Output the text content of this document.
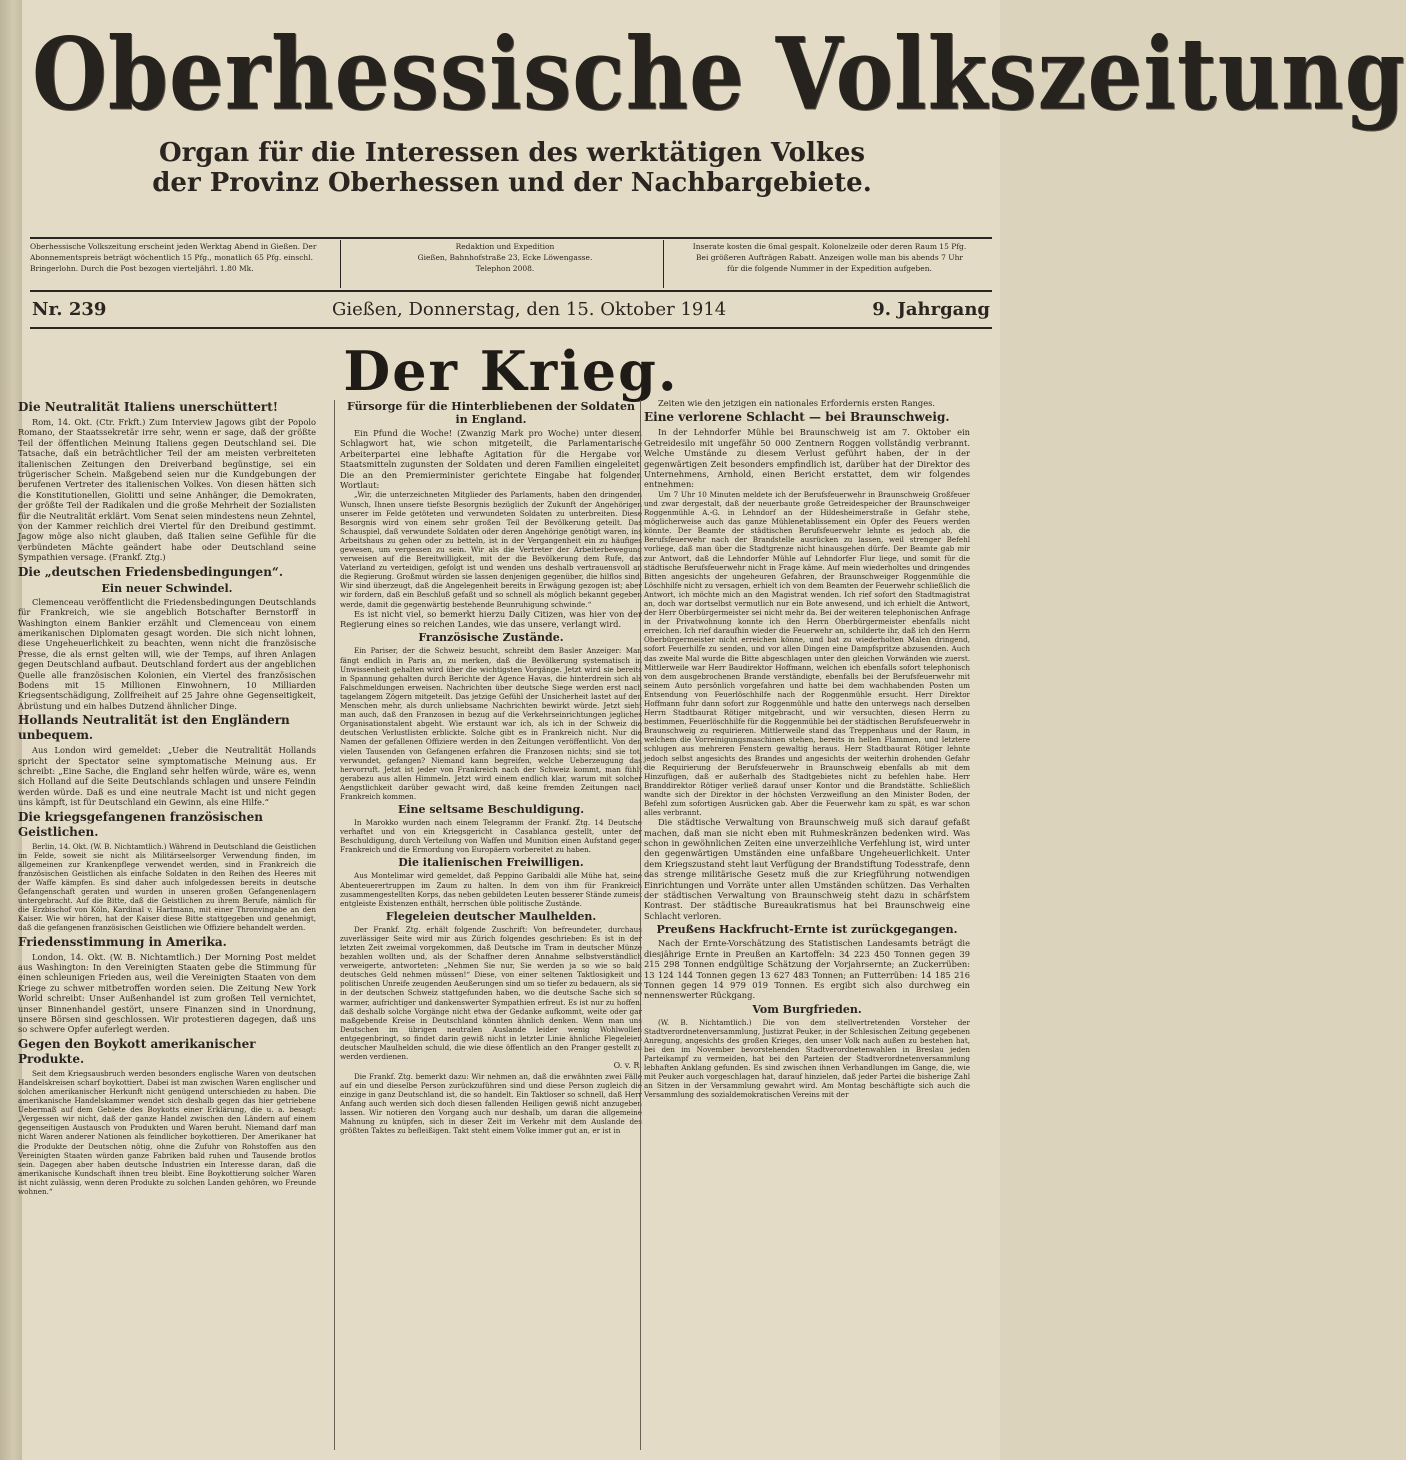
Oberhessische Volkszeitung
Organ für die Interessen des werktätigen Volkes
der Provinz Oberhessen und der Nachbargebiete.
Oberhessische Volkszeitung erscheint jeden Werktag Abend in Gießen. Der Abonnementspreis beträgt wöchentlich 15 Pfg., monatlich 65 Pfg. einschl. Bringerlohn. Durch die Post bezogen vierteljährl. 1.80 Mk.
Redaktion und Expedition
Gießen, Bahnhofstraße 23, Ecke Löwengasse.
Telephon 2008.
Inserate kosten die 6mal gespalt. Kolonelzeile oder deren Raum 15 Pfg.
Bei größeren Aufträgen Rabatt. Anzeigen wolle man bis abends 7 Uhr
für die folgende Nummer in der Expedition aufgeben.
Nr. 239	Gießen, Donnerstag, den 15. Oktober 1914	9. Jahrgang
Der Krieg.
Die Neutralität Italiens unerschüttert!

Rom, 14. Okt. (Ctr. Frkft.) Zum Interview Jagows gibt der Popolo Romano, der Staatssekretär irre sehr, wenn er sage, daß der größte Teil der öffentlichen Meinung Italiens gegen Deutschland sei. Die Tatsache, daß ein beträchtlicher Teil der am meisten verbreiteten italienischen Zeitungen den Dreiverband begünstige, sei ein trügerischer Schein. Maßgebend seien nur die Kundgebungen der berufenen Vertreter des italienischen Volkes. Von diesen hätten sich die Konstitutionellen, Giolitti und seine Anhänger, die Demokraten, der größte Teil der Radikalen und die große Mehrheit der Sozialisten für die Neutralität erklärt. Vom Senat seien mindestens neun Zehntel, von der Kammer reichlich drei Viertel für den Dreibund gestimmt. Jagow möge also nicht glauben, daß Italien seine Gefühle für die verbündeten Mächte geändert habe oder Deutschland seine Sympathien versage. (Frankf. Ztg.)

Die „deutschen Friedensbedingungen“.
Ein neuer Schwindel.

Clemenceau veröffentlicht die Friedensbedingungen Deutschlands für Frankreich, wie sie angeblich Botschafter Bernstorff in Washington einem Bankier erzählt und Clemenceau von einem amerikanischen Diplomaten gesagt worden. Die sich nicht lohnen, diese Ungeheuerlichkeit zu beachten, wenn nicht die französische Presse, die als ernst gelten will, wie der Temps, auf ihren Anlagen gegen Deutschland aufbaut. Deutschland fordert aus der angeblichen Quelle alle französischen Kolonien, ein Viertel des französischen Bodens mit 15 Millionen Einwohnern, 10 Milliarden Kriegsentschädigung, Zollfreiheit auf 25 Jahre ohne Gegenseitigkeit, Abrüstung und ein halbes Dutzend ähnlicher Dinge.

Hollands Neutralität ist den Engländern unbequem.

Aus London wird gemeldet: „Ueber die Neutralität Hollands spricht der Spectator seine symptomatische Meinung aus. Er schreibt: „Eine Sache, die England sehr helfen würde, wäre es, wenn sich Holland auf die Seite Deutschlands schlagen und unsere Feindin werden würde. Daß es und eine neutrale Macht ist und nicht gegen uns kämpft, ist für Deutschland ein Gewinn, als eine Hilfe.“

Die kriegsgefangenen französischen Geistlichen.

Berlin, 14. Okt. (W. B. Nichtamtlich.) Während in Deutschland die Geistlichen im Felde, soweit sie nicht als Militärseelsorger Verwendung finden, im allgemeinen zur Krankenpflege verwendet werden, sind in Frankreich die französischen Geistlichen als einfache Soldaten in den Reihen des Heeres mit der Waffe kämpfen. Es sind daher auch infolgedessen bereits in deutsche Gefangenschaft geraten und wurden in unseren großen Gefangenenlagern untergebracht. Auf die Bitte, daß die Geistlichen zu ihrem Berufe, nämlich für die Erzbischof von Köln, Kardinal v. Hartmann, mit einer Thronvingabe an den Kaiser. Wie wir hören, hat der Kaiser diese Bitte stattgegeben und genehmigt, daß die gefangenen französischen Geistlichen wie Offiziere behandelt werden.

Friedensstimmung in Amerika.

London, 14. Okt. (W. B. Nichtamtlich.) Der Morning Post meldet aus Washington: In den Vereinigten Staaten gebe die Stimmung für einen schleunigen Frieden aus, weil die Vereinigten Staaten von dem Kriege zu schwer mitbetroffen worden seien. Die Zeitung New York World schreibt: Unser Außenhandel ist zum großen Teil vernichtet, unser Binnenhandel gestört, unsere Finanzen sind in Unordnung, unsere Börsen sind geschlossen. Wir protestieren dagegen, daß uns so schwere Opfer auferlegt werden.

Gegen den Boykott amerikanischer Produkte.

Seit dem Kriegsausbruch werden besonders englische Waren von deutschen Handelskreisen scharf boykottiert. Dabei ist man zwischen Waren englischer und solchen amerikanischer Herkunft nicht genügend unterschieden zu haben. Die amerikanische Handelskammer wendet sich deshalb gegen das hier getriebene Uebermaß auf dem Gebiete des Boykotts einer Erklärung, die u. a. besagt: „Vergessen wir nicht, daß der ganze Handel zwischen den Ländern auf einem gegenseitigen Austausch von Produkten und Waren beruht. Niemand darf man nicht Waren anderer Nationen als feindlicher boykottieren. Der Amerikaner hat die Produkte der Deutschen nötig, ohne die Zufuhr von Rohstoffen aus den Vereinigten Staaten würden ganze Fabriken bald ruhen und Tausende brotlos sein. Dagegen aber haben deutsche Industrien ein Interesse daran, daß die amerikanische Kundschaft ihnen treu bleibt. Eine Boykottierung solcher Waren ist nicht zulässig, wenn deren Produkte zu solchen Landen gehören, wo Freunde wohnen.“

Fürsorge für die Hinterbliebenen der Soldaten in England.

Ein Pfund die Woche! (Zwanzig Mark pro Woche) unter diesem Schlagwort hat, wie schon mitgeteilt, die Parlamentarische Arbeiterpartei eine lebhafte Agitation für die Hergabe von Staatsmitteln zugunsten der Soldaten und deren Familien eingeleitet. Die an den Premierminister gerichtete Eingabe hat folgenden Wortlaut:

„Wir, die unterzeichneten Mitglieder des Parlaments, haben den dringenden Wunsch, Ihnen unsere tiefste Besorgnis bezüglich der Zukunft der Angehörigen unserer im Felde getöteten und verwundeten Soldaten zu unterbreiten. Diese Besorgnis wird von einem sehr großen Teil der Bevölkerung geteilt. Das Schauspiel, daß verwundete Soldaten oder deren Angehörige genötigt waren, ins Arbeitshaus zu gehen oder zu betteln, ist in der Vergangenheit ein zu häufiges gewesen, um vergessen zu sein. Wir als die Vertreter der Arbeiterbewegung verweisen auf die Bereitwilligkeit, mit der die Bevölkerung dem Rufe, das Vaterland zu verteidigen, gefolgt ist und wenden uns deshalb vertrauensvoll an die Regierung. Großmut würden sie lassen denjenigen gegenüber, die hilflos sind. Wir sind überzeugt, daß die Angelegenheit bereits in Erwägung gezogen ist; aber wir fordern, daß ein Beschluß gefaßt und so schnell als möglich bekannt gegeben werde, damit die gegenwärtig bestehende Beunruhigung schwinde.“

Es ist nicht viel, so bemerkt hierzu Daily Citizen, was hier von der Regierung eines so reichen Landes, wie das unsere, verlangt wird.

Französische Zustände.

Ein Pariser, der die Schweiz besucht, schreibt dem Basler Anzeiger: Man fängt endlich in Paris an, zu merken, daß die Bevölkerung systematisch in Unwissenheit gehalten wird über die wichtigsten Vorgänge. Jetzt wird sie bereits in Spannung gehalten durch Berichte der Agence Havas, die hinterdrein sich als Falschmeldungen erweisen. Nachrichten über deutsche Siege werden erst nach tagelangem Zögern mitgeteilt. Das jetzige Gefühl der Unsicherheit lastet auf den Menschen mehr, als durch unliebsame Nachrichten bewirkt würde. Jetzt sieht man auch, daß den Franzosen in bezug auf die Verkehrseinrichtungen jegliches Organisationstalent abgeht. Wie erstaunt war ich, als ich in der Schweiz die deutschen Verlustlisten erblickte. Solche gibt es in Frankreich nicht. Nur die Namen der gefallenen Offiziere werden in den Zeitungen veröffentlicht. Von den vielen Tausenden von Gefangenen erfahren die Franzosen nichts; sind sie tot, verwundet, gefangen? Niemand kann begreifen, welche Ueberzeugung das hervorruft. Jetzt ist jeder von Frankreich nach der Schweiz kommt, man fühlt gerabezu aus allen Himmeln. Jetzt wird einem endlich klar, warum mit solcher Aengstlichkeit darüber gewacht wird, daß keine fremden Zeitungen nach Frankreich kommen.

Eine seltsame Beschuldigung.

In Marokko wurden nach einem Telegramm der Frankf. Ztg. 14 Deutsche verhaftet und von ein Kriegsgericht in Casablanca gestellt, unter der Beschuldigung, durch Verteilung von Waffen und Munition einen Aufstand gegen Frankreich und die Ermordung von Europäern vorbereitet zu haben.

Die italienischen Freiwilligen.

Aus Montelimar wird gemeldet, daß Peppino Garibaldi alle Mühe hat, seine Abenteuerertruppen im Zaum zu halten. In dem von ihm für Frankreich zusammengestellten Korps, das neben gebildeten Leuten besserer Stände zumeist entgleiste Existenzen enthält, herrschen üble politische Zustände.

Flegeleien deutscher Maulhelden.

Der Frankf. Ztg. erhält folgende Zuschrift: Von befreundeter, durchaus zuverlässiger Seite wird mir aus Zürich folgendes geschrieben: Es ist in der letzten Zeit zweimal vorgekommen, daß Deutsche im Tram in deutscher Münze bezahlen wollten und, als der Schaffner deren Annahme selbstverständlich verweigerte, antworteten: „Nehmen Sie nur, Sie werden ja so wie so bald deutsches Geld nehmen müssen!“ Diese, von einer seltenen Taktlosigkeit und politischen Unreife zeugenden Aeußerungen sind um so tiefer zu bedauern, als sie in der deutschen Schweiz stattgefunden haben, wo die deutsche Sache sich so warmer, aufrichtiger und dankenswerter Sympathien erfreut. Es ist nur zu hoffen, daß deshalb solche Vorgänge nicht etwa der Gedanke aufkommt, weite oder gar maßgebende Kreise in Deutschland könnten ähnlich denken. Wenn man uns Deutschen im übrigen neutralen Auslande leider wenig Wohlwollen entgegenbringt, so findet darin gewiß nicht in letzter Linie ähnliche Flegeleien deutscher Maulhelden schuld, die wie diese öffentlich an den Pranger gestellt zu werden verdienen.

O. v. R.

Die Frankf. Ztg. bemerkt dazu: Wir nehmen an, daß die erwähnten zwei Fälle auf ein und dieselbe Person zurückzuführen sind und diese Person zugleich die einzige in ganz Deutschland ist, die so handelt. Ein Taktloser so schnell, daß Herr Anfang auch werden sich doch diesen fallenden Heiligen gewiß nicht anzugeben lassen. Wir notieren den Vorgang auch nur deshalb, um daran die allgemeine Mahnung zu knüpfen, sich in dieser Zeit im Verkehr mit dem Auslande des größten Taktes zu befleißigen. Takt steht einem Volke immer gut an, er ist in

Zeiten wie den jetzigen ein nationales Erfordernis ersten Ranges.

Eine verlorene Schlacht — bei Braunschweig.

In der Lehndorfer Mühle bei Braunschweig ist am 7. Oktober ein Getreidesilo mit ungefähr 50 000 Zentnern Roggen vollständig verbrannt. Welche Umstände zu diesem Verlust geführt haben, der in der gegenwärtigen Zeit besonders empfindlich ist, darüber hat der Direktor des Unternehmens, Arnhold, einen Bericht erstattet, dem wir folgendes entnehmen:

Um 7 Uhr 10 Minuten meldete ich der Berufsfeuerwehr in Braunschweig Großfeuer und zwar dergestalt, daß der neuerbaute große Getreidespeicher der Braunschweiger Roggenmühle A.-G. in Lehndorf an der Hildesheimerstraße in Gefahr stehe, möglicherweise auch das ganze Mühlenetablissement ein Opfer des Feuers werden könnte. Der Beamte der städtischen Berufsfeuerwehr lehnte es jedoch ab, die Berufsfeuerwehr nach der Brandstelle ausrücken zu lassen, weil strenger Befehl vorliege, daß man über die Stadtgrenze nicht hinausgehen dürfe. Der Beamte gab mir zur Antwort, daß die Lehndorfer Mühle auf Lehndorfer Flur liege, und somit für die städtische Berufsfeuerwehr nicht in Frage käme. Auf mein wiederholtes und dringendes Bitten angesichts der ungeheuren Gefahren, der Braunschweiger Roggenmühle die Löschhilfe nicht zu versagen, erhielt ich von dem Beamten der Feuerwehr schließlich die Antwort, ich möchte mich an den Magistrat wenden. Ich rief sofort den Stadtmagistrat an, doch war dortselbst vermutlich nur ein Bote anwesend, und ich erhielt die Antwort, der Herr Oberbürgermeister sei nicht mehr da. Bei der weiteren telephonischen Anfrage in der Privatwohnung konnte ich den Herrn Oberbürgermeister ebenfalls nicht erreichen. Ich rief daraufhin wieder die Feuerwehr an, schilderte ihr, daß ich den Herrn Oberbürgermeister nicht erreichen könne, und bat zu wiederholten Malen dringend, sofort Feuerhilfe zu senden, und vor allen Dingen eine Dampfspritze abzusenden. Auch das zweite Mal wurde die Bitte abgeschlagen unter den gleichen Vorwänden wie zuerst. Mittlerweile war Herr Baudirektor Hoffmann, welchen ich ebenfalls sofort telephonisch von dem ausgebrochenen Brande verständigte, ebenfalls bei der Berufsfeuerwehr mit seinem Auto persönlich vorgefahren und hatte bei dem wachhabenden Posten um Entsendung von Feuerlöschhilfe nach der Roggenmühle ersucht. Herr Direktor Hoffmann fuhr dann sofort zur Roggenmühle und hatte den unterwegs nach derselben Herrn Stadtbaurat Rötiger mitgebracht, und wir versuchten, diesen Herrn zu bestimmen, Feuerlöschhilfe für die Roggenmühle bei der städtischen Berufsfeuerwehr in Braunschweig zu requirieren. Mittlerweile stand das Treppenhaus und der Raum, in welchem die Vorreinigungsmaschinen stehen, bereits in hellen Flammen, und letztere schlugen aus mehreren Fenstern gewaltig heraus. Herr Stadtbaurat Rötiger lehnte jedoch selbst angesichts des Brandes und angesichts der weiterhin drohenden Gefahr die Requirierung der Berufsfeuerwehr in Braunschweig ebenfalls ab mit dem Hinzufügen, daß er außerhalb des Stadtgebietes nicht zu befehlen habe. Herr Branddirektor Rötiger verließ darauf unser Kontor und die Brandstätte. Schließlich wandte sich der Direktor in der höchsten Verzweiflung an den Minister Boden, der Befehl zum sofortigen Ausrücken gab. Aber die Feuerwehr kam zu spät, es war schon alles verbrannt.

Die städtische Verwaltung von Braunschweig muß sich darauf gefaßt machen, daß man sie nicht eben mit Ruhmeskränzen bedenken wird. Was schon in gewöhnlichen Zeiten eine unverzeihliche Verfehlung ist, wird unter den gegenwärtigen Umständen eine unfaßbare Ungeheuerlichkeit. Unter dem Kriegszustand steht laut Verfügung der Brandstiftung Todesstrafe, denn das strenge militärische Gesetz muß die zur Kriegführung notwendigen Einrichtungen und Vorräte unter allen Umständen schützen. Das Verhalten der städtischen Verwaltung von Braunschweig steht dazu in schärfstem Kontrast. Der städtische Bureaukratismus hat bei Braunschweig eine Schlacht verloren.

Preußens Hackfrucht-Ernte ist zurückgegangen.

Nach der Ernte-Vorschätzung des Statistischen Landesamts beträgt die diesjährige Ernte in Preußen an Kartoffeln: 34 223 450 Tonnen gegen 39 215 298 Tonnen endgültige Schätzung der Vorjahrsernte; an Zuckerrüben: 13 124 144 Tonnen gegen 13 627 483 Tonnen; an Futterrüben: 14 185 216 Tonnen gegen 14 979 019 Tonnen. Es ergibt sich also durchweg ein nennenswerter Rückgang.

Vom Burgfrieden.

(W. B. Nichtamtlich.) Die von dem stellvertretenden Vorsteher der Stadtverordnetenversammlung, Justizrat Peuker, in der Schlesischen Zeitung gegebenen Anregung, angesichts des großen Krieges, den unser Volk nach außen zu bestehen hat, bei den im November bevorstehenden Stadtverordnetenwahlen in Breslau jeden Parteikampf zu vermeiden, hat bei den Parteien der Stadtverordnetenversammlung lebhaften Anklang gefunden. Es sind zwischen ihnen Verhandlungen im Gange, die, wie mit Peuker auch vorgeschlagen hat, darauf hinzielen, daß jeder Partei die bisherige Zahl an Sitzen in der Versammlung gewahrt wird. Am Montag beschäftigte sich auch die Versammlung des sozialdemokratischen Vereins mit der
